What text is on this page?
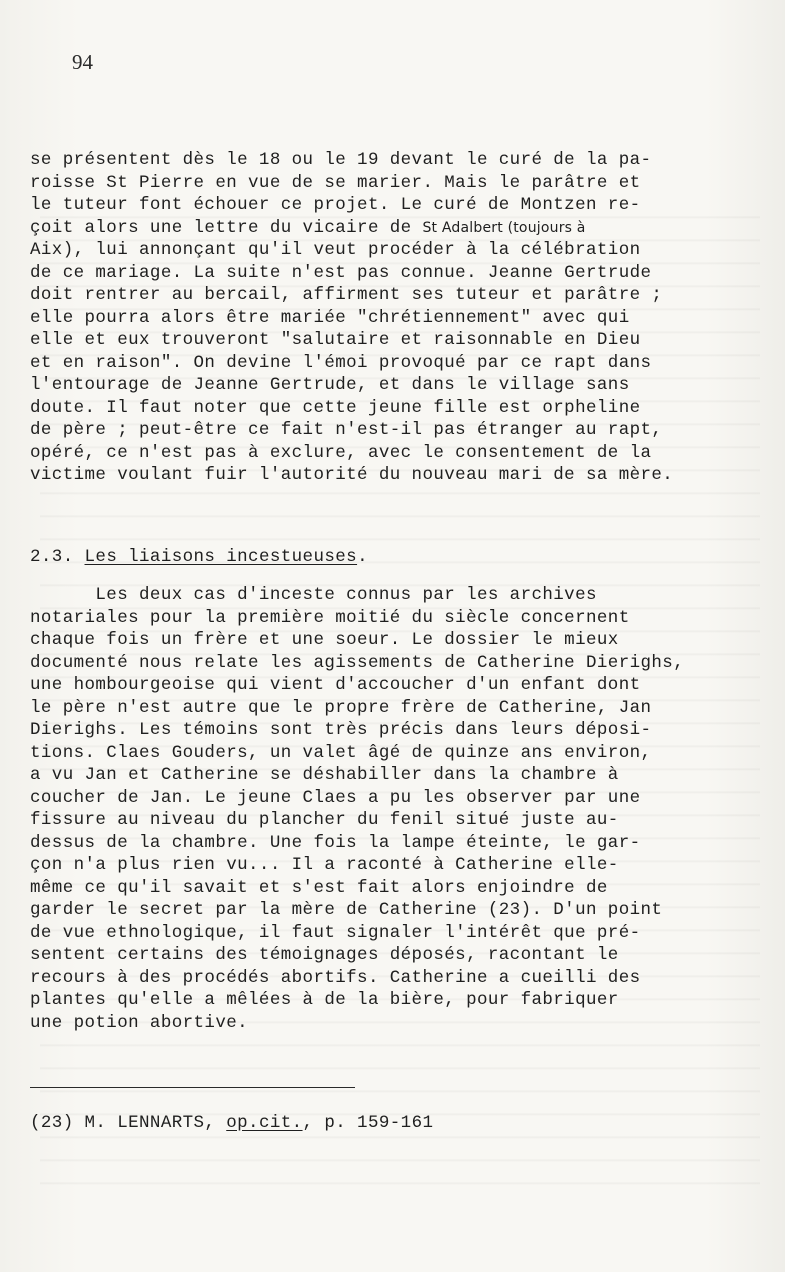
94
se présentent dès le 18 ou le 19 devant le curé de la pa-
roisse St Pierre en vue de se marier. Mais le parâtre et
le tuteur font échouer ce projet. Le curé de Montzen re-
çoit alors une lettre du vicaire de St Adalbert (toujours à
Aix), lui annonçant qu'il veut procéder à la célébration
de ce mariage. La suite n'est pas connue. Jeanne Gertrude
doit rentrer au bercail, affirment ses tuteur et parâtre ;
elle pourra alors être mariée "chrétiennement" avec qui
elle et eux trouveront "salutaire et raisonnable en Dieu
et en raison". On devine l'émoi provoqué par ce rapt dans
l'entourage de Jeanne Gertrude, et dans le village sans
doute. Il faut noter que cette jeune fille est orpheline
de père ; peut-être ce fait n'est-il pas étranger au rapt,
opéré, ce n'est pas à exclure, avec le consentement de la
victime voulant fuir l'autorité du nouveau mari de sa mère.
2.3. Les liaisons incestueuses.
Les deux cas d'inceste connus par les archives
notariales pour la première moitié du siècle concernent
chaque fois un frère et une soeur. Le dossier le mieux
documenté nous relate les agissements de Catherine Dierighs,
une hombourgeoise qui vient d'accoucher d'un enfant dont
le père n'est autre que le propre frère de Catherine, Jan
Dierighs. Les témoins sont très précis dans leurs déposi-
tions. Claes Gouders, un valet âgé de quinze ans environ,
a vu Jan et Catherine se déshabiller dans la chambre à
coucher de Jan. Le jeune Claes a pu les observer par une
fissure au niveau du plancher du fenil situé juste au-
dessus de la chambre. Une fois la lampe éteinte, le gar-
çon n'a plus rien vu... Il a raconté à Catherine elle-
même ce qu'il savait et s'est fait alors enjoindre de
garder le secret par la mère de Catherine (23). D'un point
de vue ethnologique, il faut signaler l'intérêt que pré-
sentent certains des témoignages déposés, racontant le
recours à des procédés abortifs. Catherine a cueilli des
plantes qu'elle a mêlées à de la bière, pour fabriquer
une potion abortive.
(23) M. LENNARTS, op.cit., p. 159-161
